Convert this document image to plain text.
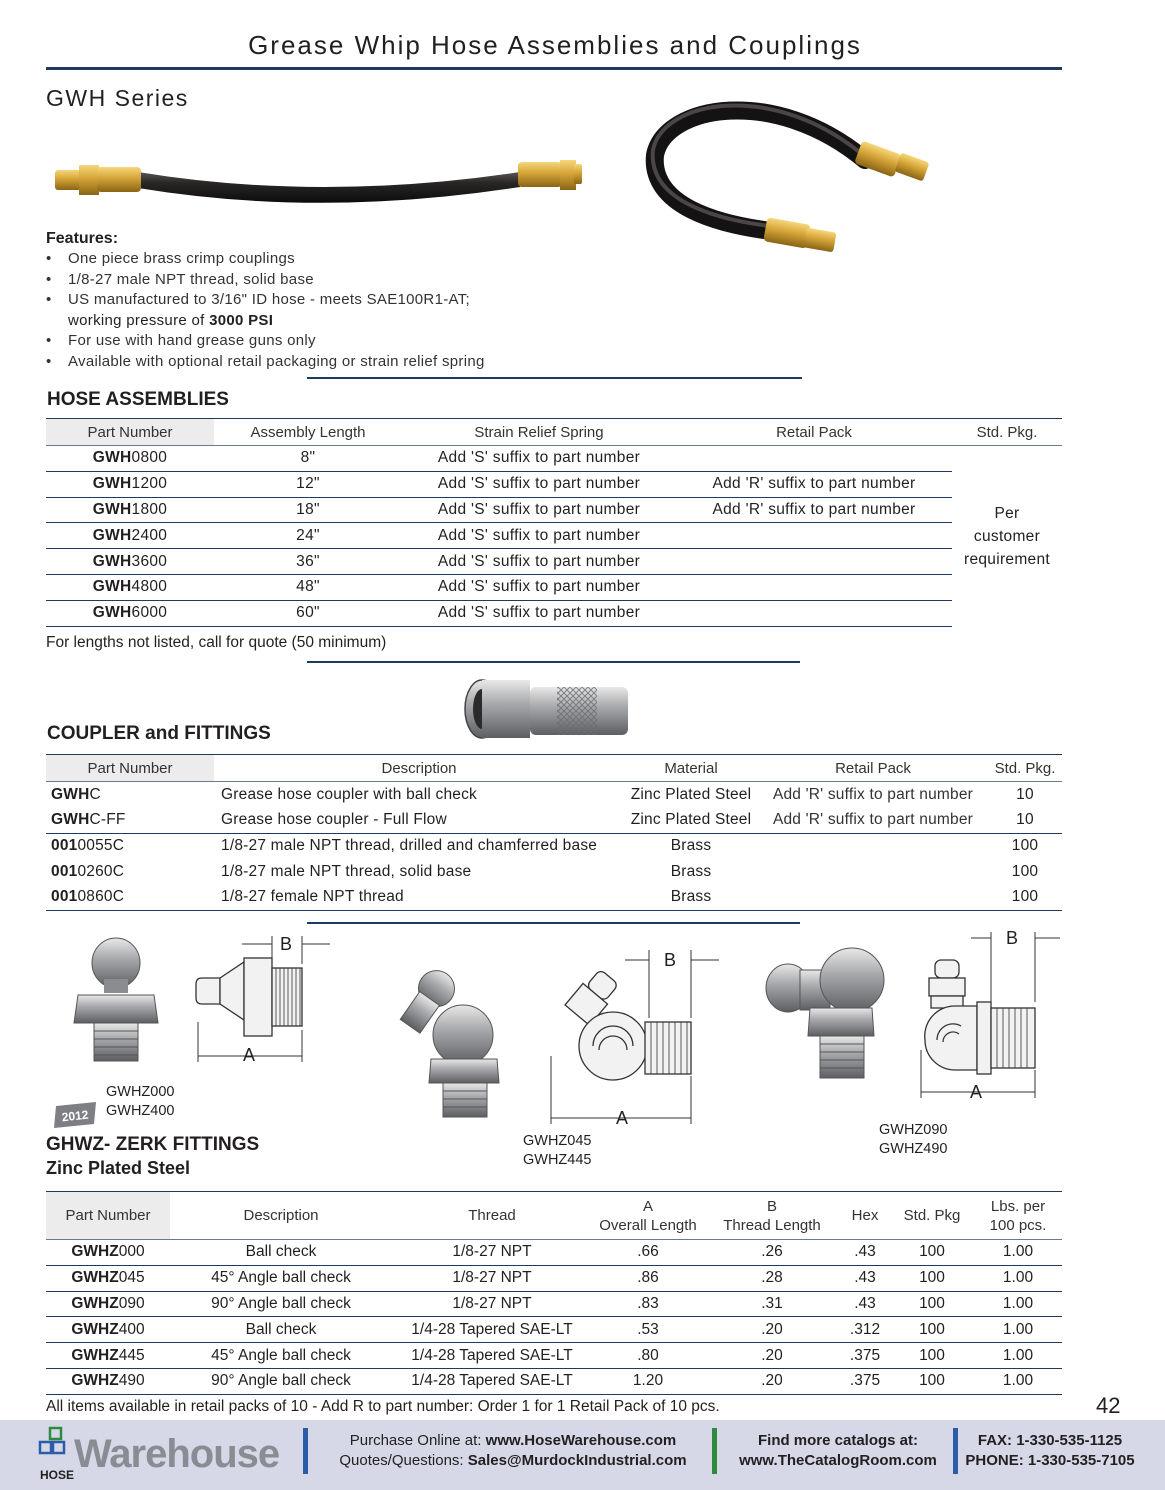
Grease Whip Hose Assemblies and Couplings
GWH Series
Features:
• One piece brass crimp couplings
• 1/8-27 male NPT thread, solid base
• US manufactured to 3/16" ID hose - meets SAE100R1-AT;
working pressure of 3000 PSI
• For use with hand grease guns only
• Available with optional retail packaging or strain relief spring
HOSE ASSEMBLIES
Part Number	Assembly Length	Strain Relief Spring	Retail Pack	Std. Pkg.
GWH0800	8"	Add 'S' suffix to part number		Per
customer
requirement
GWH1200	12"	Add 'S' suffix to part number	Add 'R' suffix to part number	
GWH1800	18"	Add 'S' suffix to part number	Add 'R' suffix to part number	
GWH2400	24"	Add 'S' suffix to part number		
GWH3600	36"	Add 'S' suffix to part number		
GWH4800	48"	Add 'S' suffix to part number		
GWH6000	60"	Add 'S' suffix to part number		
For lengths not listed, call for quote (50 minimum)
COUPLER and FITTINGS
Part Number	Description	Material	Retail Pack	Std. Pkg.
GWHC	Grease hose coupler with ball check	Zinc Plated Steel	Add 'R' suffix to part number	10
GWHC-FF	Grease hose coupler - Full Flow	Zinc Plated Steel	Add 'R' suffix to part number	10
0010055C	1/8-27 male NPT thread, drilled and chamferred base	Brass		100
0010260C	1/8-27 male NPT thread, solid base	Brass		100
0010860C	1/8-27 female NPT thread	Brass		100
B
A
GWHZ000
GWHZ400
2012
B
A
GWHZ045
GWHZ445
B
A
GWHZ090
GWHZ490
GHWZ- ZERK FITTINGS
Zinc Plated Steel
Part Number	Description	Thread	A
Overall Length	B
Thread Length	Hex	Std. Pkg	Lbs. per
100 pcs.
GWHZ000	Ball check	1/8-27 NPT	.66	.26	.43	100	1.00
GWHZ045	45° Angle ball check	1/8-27 NPT	.86	.28	.43	100	1.00
GWHZ090	90° Angle ball check	1/8-27 NPT	.83	.31	.43	100	1.00
GWHZ400	Ball check	1/4-28 Tapered SAE-LT	.53	.20	.312	100	1.00
GWHZ445	45° Angle ball check	1/4-28 Tapered SAE-LT	.80	.20	.375	100	1.00
GWHZ490	90° Angle ball check	1/4-28 Tapered SAE-LT	1.20	.20	.375	100	1.00
All items available in retail packs of 10 - Add R to part number: Order 1 for 1 Retail Pack of 10 pcs.	42
HOSE Warehouse	Purchase Online at: www.HoseWarehouse.com
Quotes/Questions: Sales@MurdockIndustrial.com
Find more catalogs at:
www.TheCatalogRoom.com
FAX: 1-330-535-1125
PHONE: 1-330-535-7105
